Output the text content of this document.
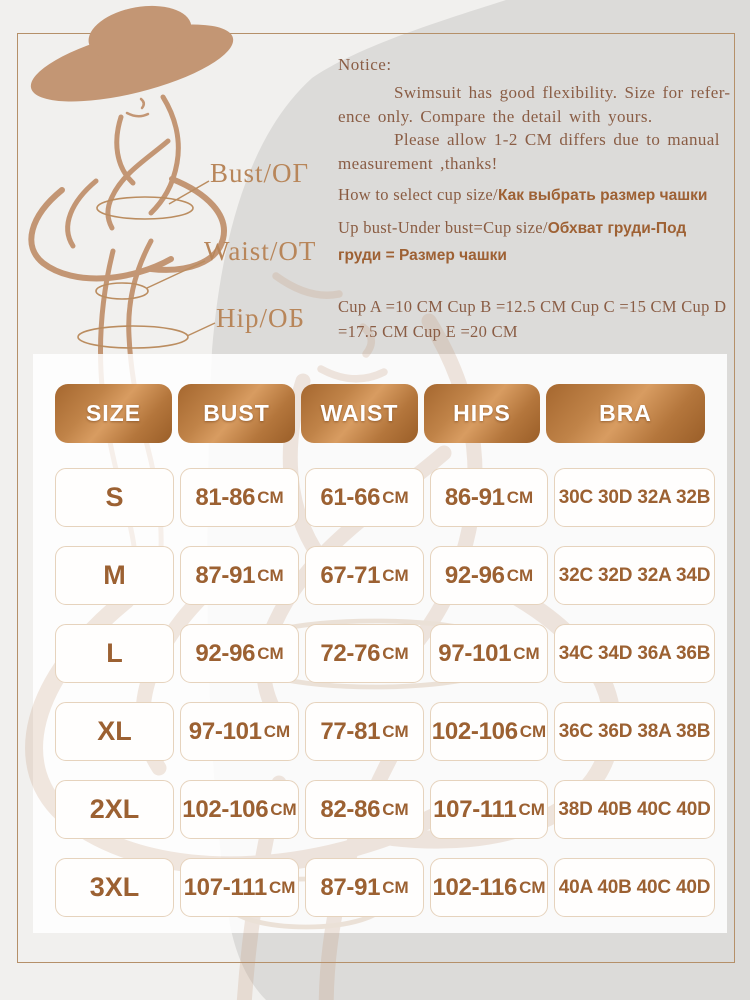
Bust/ОГ
Waist/ОТ
Hip/ОБ
Notice:
Swimsuit has good flexibility. Size for refer-
ence only. Compare the detail with yours.
Please allow 1-2 CM differs due to manual
measurement ,thanks!
How to select cup size/Как выбрать размер чашки
Up bust-Under bust=Cup size/Обхват груди-Под груди = Размер чашки
Cup A =10 CM Cup B =12.5 CM Cup C =15 CM Cup D
=17.5 CM Cup E =20 CM
SIZE	BUST	WAIST	HIPS	BRA
S	81-86 CM 61-66 CM 86-91 CM 30C 30D 32A 32B
M	87-91 CM 67-71 CM 92-96 CM 32C 32D 32A 34D
L	92-96 CM 72-76 CM 97-101 CM 34C 34D 36A 36B
XL	97-101 CM 77-81 CM 102-106 CM 36C 36D 38A 38B
2XL	102-106 CM 82-86 CM 107-111 CM 38D 40B 40C 40D
3XL	107-111 CM 87-91 CM 102-116 CM 40A 40B 40C 40D
